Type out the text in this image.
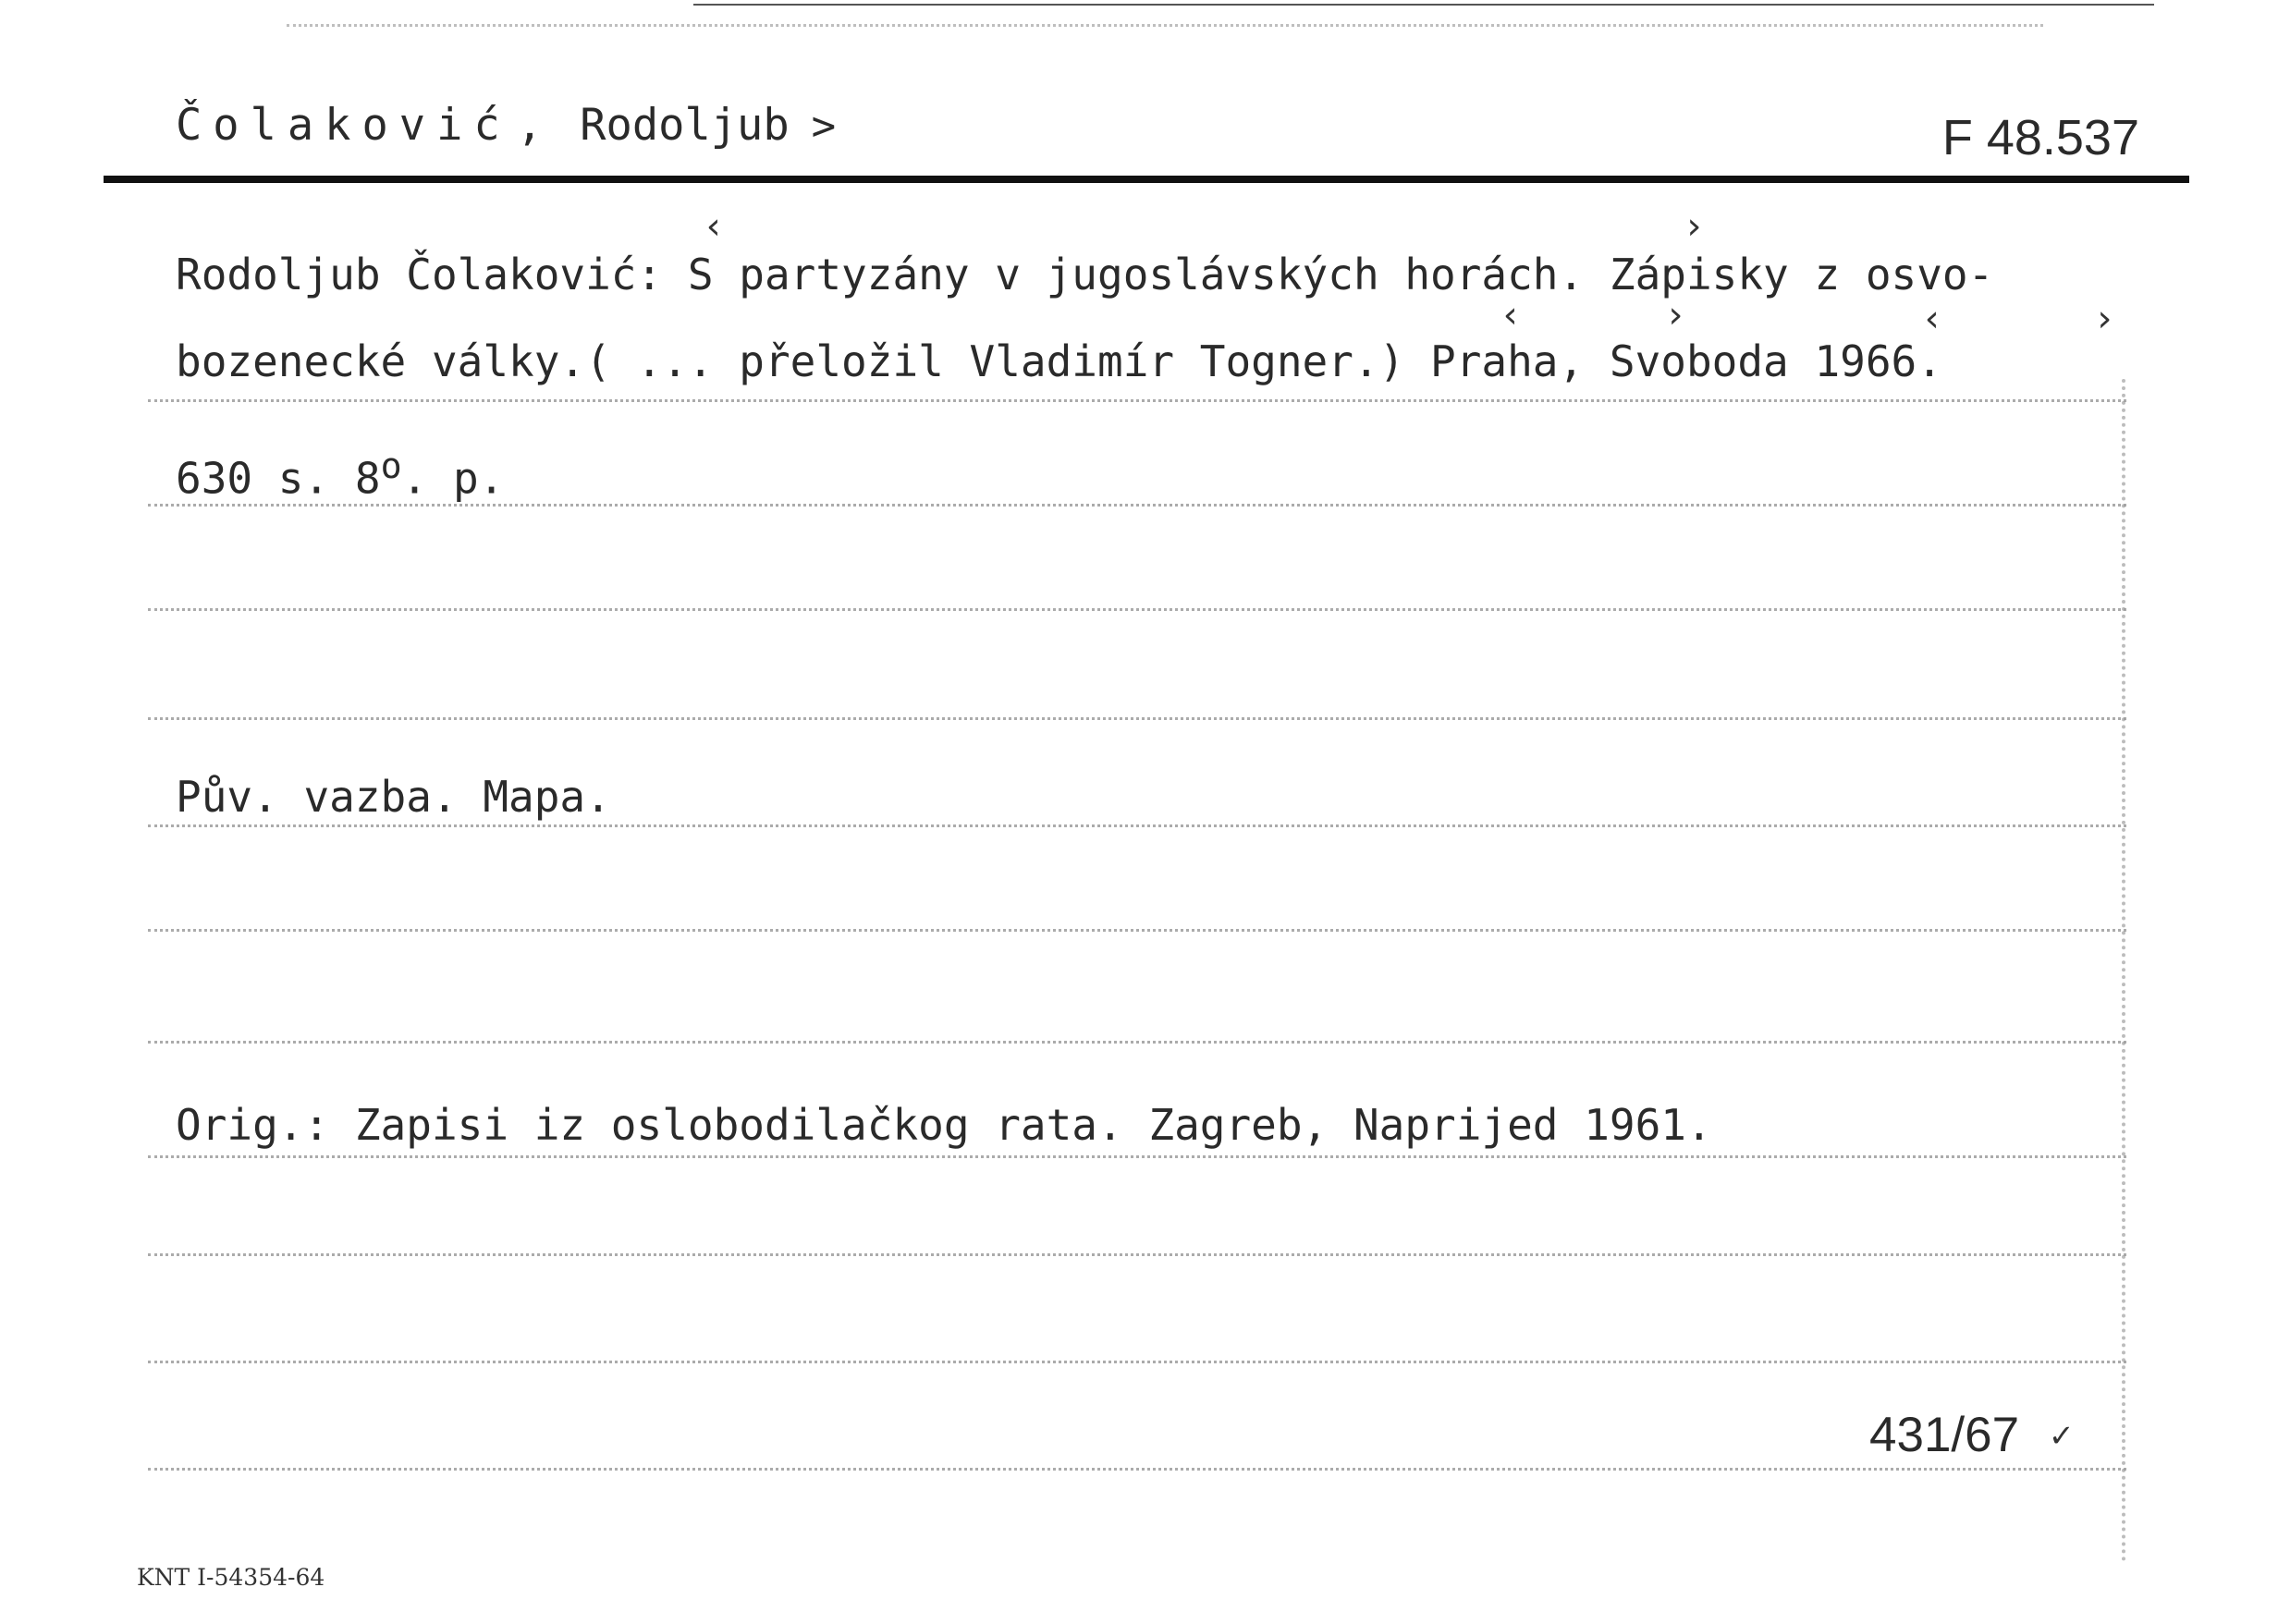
Čolaković , Rodoljub >	F 48.537
Rodoljub Čolaković: S partyzány v jugoslávských horách. Zápisky z osvo-
bozenecké války.( ... přeložil Vladimír Togner.) Praha, Svoboda 1966.
‹	›
‹	›	‹	›
630 s. 8$^o$. p.
Pův. vazba. Mapa.
Orig.: Zapisi iz oslobodilačkog rata. Zagreb, Naprijed 1961.
431/67 ✓
KNT I-54354-64
